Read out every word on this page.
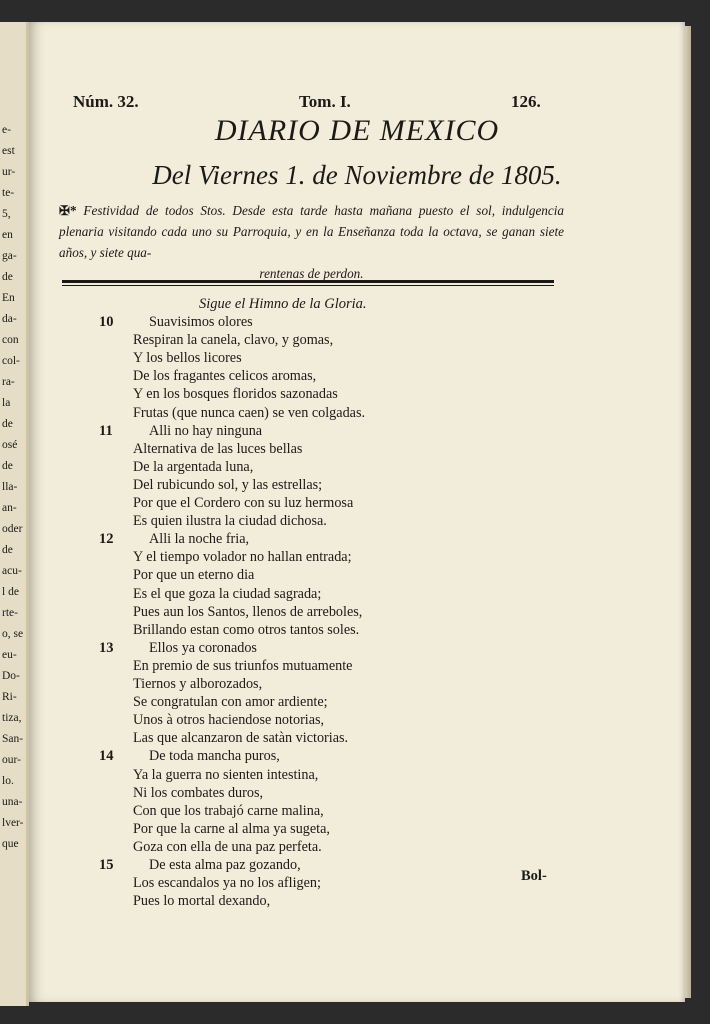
e-
est
ur-
te-
5,
en
ga-
de
En
da-
con
col-
ra-
la
de
osé
de
lla-
an-
oder
de
acu-
l de
rte-
o, se
eu-
Do-
Ri-
tiza,
San-
our-
lo.
una-
lver-
que
Núm. 32.	Tom. I.	126.
DIARIO DE MEXICO
Del Viernes 1. de Noviembre de 1805.
✠* Festividad de todos Stos. Desde esta tarde hasta mañana puesto el sol, indulgencia plenaria visitando cada uno su Parroquia, y en la Enseñanza toda la octava, se ganan siete años, y siete qua-
rentenas de perdon.
Sigue el Himno de la Gloria.
10	Suavisimos olores
Respiran la canela, clavo, y gomas,
Y los bellos licores
De los fragantes celicos aromas,
Y en los bosques floridos sazonadas
Frutas (que nunca caen) se ven colgadas.
11	Alli no hay ninguna
Alternativa de las luces bellas
De la argentada luna,
Del rubicundo sol, y las estrellas;
Por que el Cordero con su luz hermosa
Es quien ilustra la ciudad dichosa.
12	Alli la noche fria,
Y el tiempo volador no hallan entrada;
Por que un eterno dia
Es el que goza la ciudad sagrada;
Pues aun los Santos, llenos de arreboles,
Brillando estan como otros tantos soles.
13	Ellos ya coronados
En premio de sus triunfos mutuamente
Tiernos y alborozados,
Se congratulan con amor ardiente;
Unos à otros haciendose notorias,
Las que alcanzaron de satàn victorias.
14	De toda mancha puros,
Ya la guerra no sienten intestina,
Ni los combates duros,
Con que los trabajó carne malina,
Por que la carne al alma ya sugeta,
Goza con ella de una paz perfeta.
15	De esta alma paz gozando,
Los escandalos ya no los afligen;
Pues lo mortal dexando,
Bol-
